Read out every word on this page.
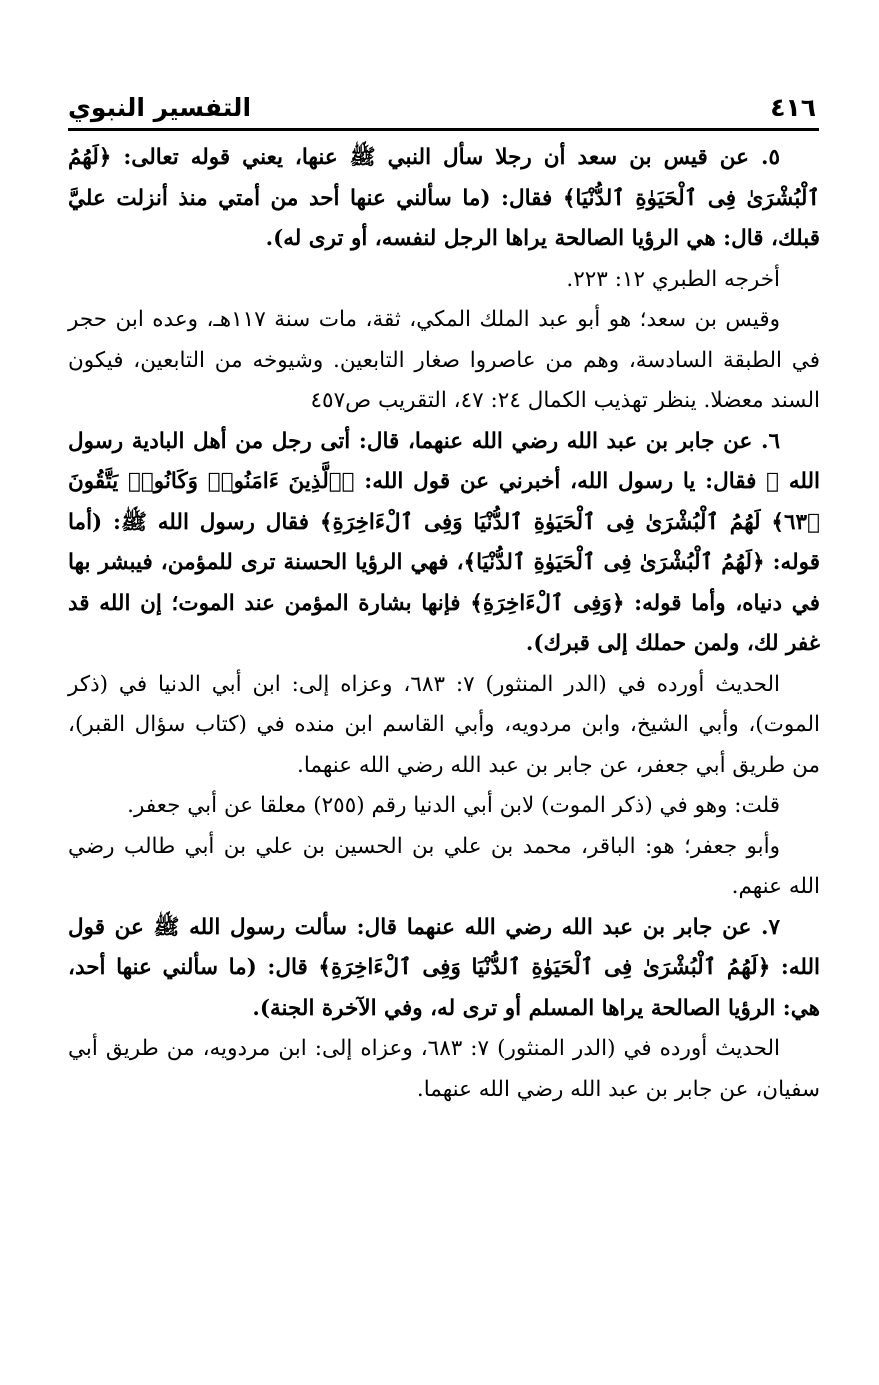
٤١٦
التفسير النبوي

٥. عن قيس بن سعد أن رجلا سأل النبي ﷺ عنها، يعني قوله تعالى: ﴿لَهُمُ ٱلْبُشْرَىٰ فِى ٱلْحَيَوٰةِ ٱلدُّنْيَا﴾ فقال: (ما سألني عنها أحد من أمتي منذ أنزلت عليَّ قبلك، قال: هي الرؤيا الصالحة يراها الرجل لنفسه، أو ترى له).

أخرجه الطبري ١٢: ٢٢٣.

وقيس بن سعد؛ هو أبو عبد الملك المكي، ثقة، مات سنة ١١٧هـ، وعده ابن حجر في الطبقة السادسة، وهم من عاصروا صغار التابعين. وشيوخه من التابعين، فيكون السند معضلا. ينظر تهذيب الكمال ٢٤: ٤٧، التقريب ص٤٥٧

٦. عن جابر بن عبد الله رضي الله عنهما، قال: أتى رجل من أهل البادية رسول الله ﷺ فقال: يا رسول الله، أخبرني عن قول الله: ﴿ٱلَّذِينَ ءَامَنُوا۟ وَكَانُوا۟ يَتَّقُونَ ﴿٦٣﴾ لَهُمُ ٱلْبُشْرَىٰ فِى ٱلْحَيَوٰةِ ٱلدُّنْيَا وَفِى ٱلْءَاخِرَةِ﴾ فقال رسول الله ﷺ: (أما قوله: ﴿لَهُمُ ٱلْبُشْرَىٰ فِى ٱلْحَيَوٰةِ ٱلدُّنْيَا﴾، فهي الرؤيا الحسنة ترى للمؤمن، فيبشر بها في دنياه، وأما قوله: ﴿وَفِى ٱلْءَاخِرَةِ﴾ فإنها بشارة المؤمن عند الموت؛ إن الله قد غفر لك، ولمن حملك إلى قبرك).

الحديث أورده في (الدر المنثور) ٧: ٦٨٣، وعزاه إلى: ابن أبي الدنيا في (ذكر الموت)، وأبي الشيخ، وابن مردويه، وأبي القاسم ابن منده في (كتاب سؤال القبر)، من طريق أبي جعفر، عن جابر بن عبد الله رضي الله عنهما.

قلت: وهو في (ذكر الموت) لابن أبي الدنيا رقم (٢٥٥) معلقا عن أبي جعفر.

وأبو جعفر؛ هو: الباقر، محمد بن علي بن الحسين بن علي بن أبي طالب رضي الله عنهم.

٧. عن جابر بن عبد الله رضي الله عنهما قال: سألت رسول الله ﷺ عن قول الله: ﴿لَهُمُ ٱلْبُشْرَىٰ فِى ٱلْحَيَوٰةِ ٱلدُّنْيَا وَفِى ٱلْءَاخِرَةِ﴾ قال: (ما سألني عنها أحد، هي: الرؤيا الصالحة يراها المسلم أو ترى له، وفي الآخرة الجنة).

الحديث أورده في (الدر المنثور) ٧: ٦٨٣، وعزاه إلى: ابن مردويه، من طريق أبي سفيان، عن جابر بن عبد الله رضي الله عنهما.
